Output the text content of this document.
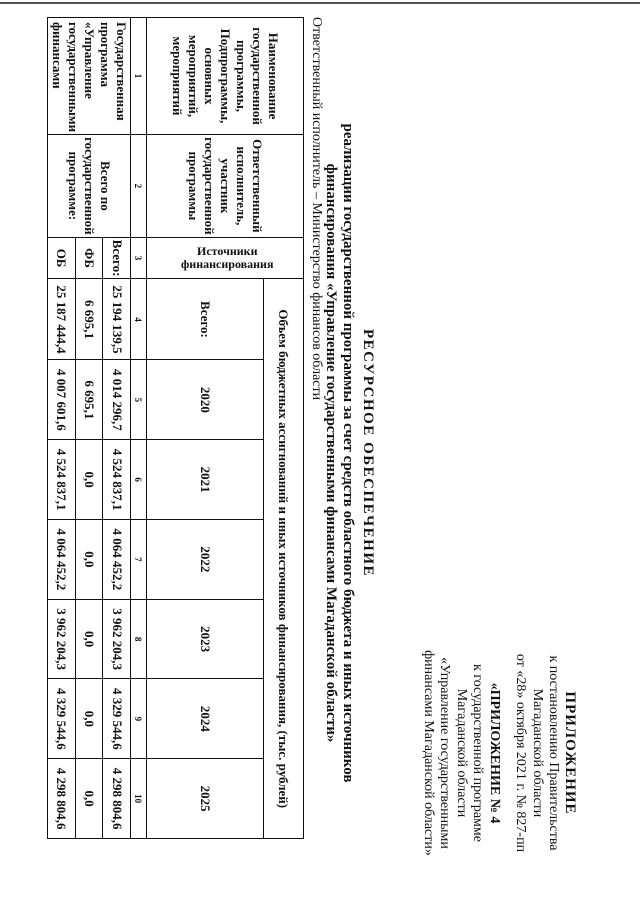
ПРИЛОЖЕНИЕ
к постановлению Правительства
Магаданской области
от «28» октября 2021 г. № 827-пп
«ПРИЛОЖЕНИЕ № 4
к государственной программе
Магаданской области
«Управление государственными
финансами Магаданской области»
РЕСУРСНОЕ ОБЕСПЕЧЕНИЕ
реализации государственной программы за счет средств областного бюджета и иных источников
финансирования «Управление государственными финансами Магаданской области»
Ответственный исполнитель – Министерство финансов области
Наименование государственной программы, Подпрограммы, основных мероприятий, мероприятий	Ответственный исполнитель, участник государственной программы	Источники финансирования	Объем бюджетных ассигнований и иных источников финансирования, (тыс. рублей)						
			Всего:	2020	2021	2022	2023	2024	2025
1	2	3	4	5	6	7	8	9	10
Государственная программа «Управление государственными финансами	Всего по государственной программе:	Всего:	25 194 139,5	4 014 296,7	4 524 837,1	4 064 452,2	3 962 204,3	4 329 544,6	4 298 804,6
		ФБ	6 695,1	6 695,1	0,0	0,0	0,0	0,0	0,0
		ОБ	25 187 444,4	4 007 601,6	4 524 837,1	4 064 452,2	3 962 204,3	4 329 544,6	4 298 804,6
